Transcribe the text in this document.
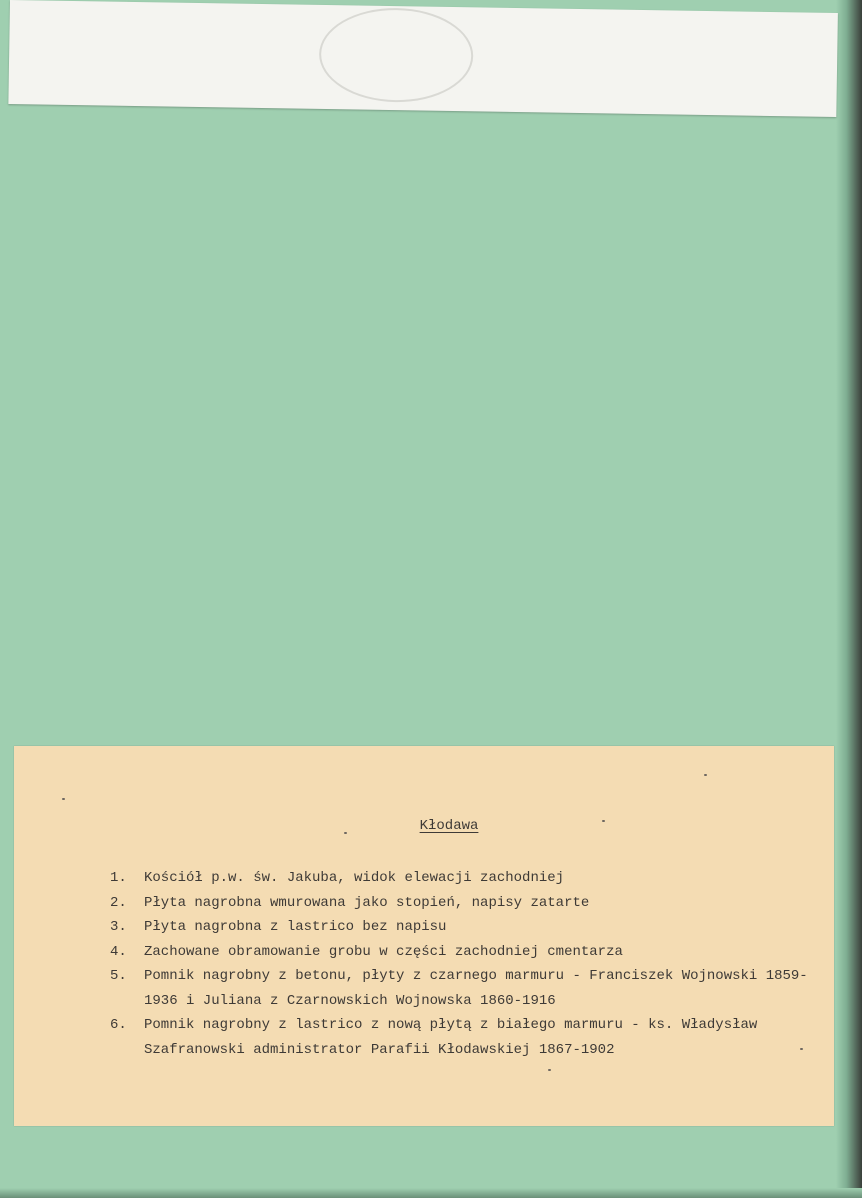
Kłodawa
1.	Kościół p.w. św. Jakuba, widok elewacji zachodniej
2.	Płyta nagrobna wmurowana jako stopień, napisy zatarte
3.	Płyta nagrobna z lastrico bez napisu
4.	Zachowane obramowanie grobu w części zachodniej cmentarza
5.	Pomnik nagrobny z betonu, płyty z czarnego marmuru - Franciszek Wojnowski 1859-1936 i Juliana z Czarnowskich Wojnowska 1860-1916
6.	Pomnik nagrobny z lastrico z nową płytą z białego marmuru - ks. Władysław Szafranowski administrator Parafii Kłodawskiej 1867-1902
